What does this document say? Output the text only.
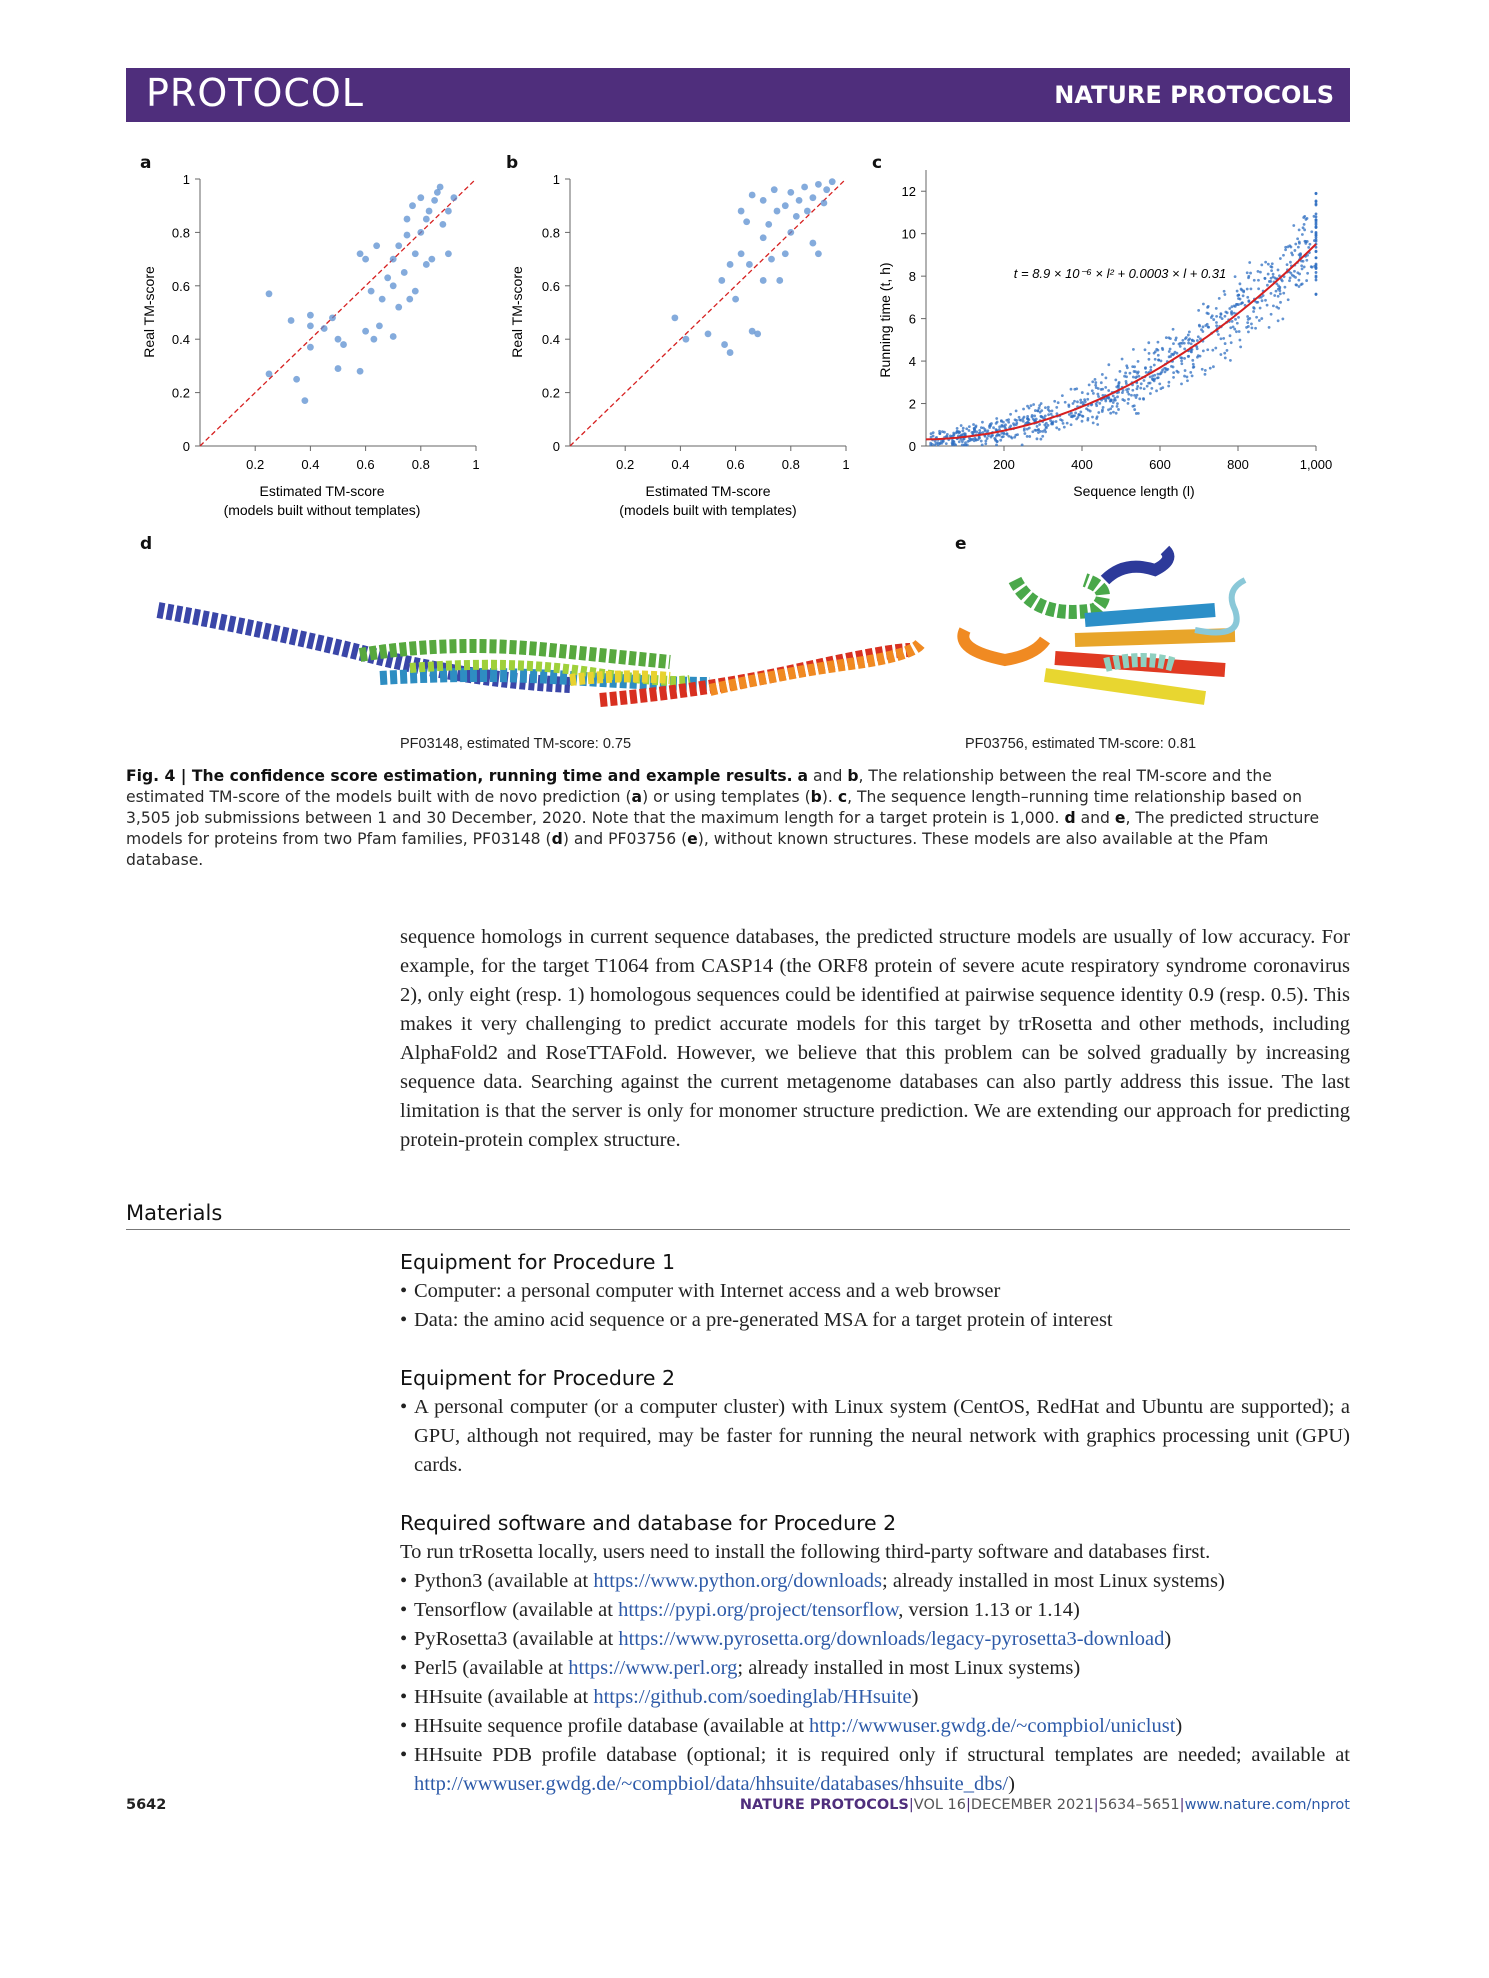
PROTOCOL	NATURE PROTOCOLS
a	b	c
d	e
0
0.2
0.4
0.6
0.8
1
0.2	0.4	0.6	0.8	1
Estimated TM-score
(models built without templates)
Real TM-score
0
0.2
0.4
0.6
0.8
1
0.2	0.4	0.6	0.8	1
Estimated TM-score
(models built with templates)
Real TM-score
0
2
4
6
8
10
12
200	400	600	800	1,000
t = 8.9 × 10⁻⁶ × l² + 0.0003 × l + 0.31
Sequence length (l)
Running time (t, h)
PF03148, estimated TM-score: 0.75	PF03756, estimated TM-score: 0.81
Fig. 4 | The confidence score estimation, running time and example results. a and b, The relationship between the real TM-score and the estimated TM-score of the models built with de novo prediction (a) or using templates (b). c, The sequence length–running time relationship based on 3,505 job submissions between 1 and 30 December, 2020. Note that the maximum length for a target protein is 1,000. d and e, The predicted structure models for proteins from two Pfam families, PF03148 (d) and PF03756 (e), without known structures. These models are also available at the Pfam database.
sequence homologs in current sequence databases, the predicted structure models are usually of low accuracy. For example, for the target T1064 from CASP14 (the ORF8 protein of severe acute respiratory syndrome coronavirus 2), only eight (resp. 1) homologous sequences could be identified at pairwise sequence identity 0.9 (resp. 0.5). This makes it very challenging to predict accurate models for this target by trRosetta and other methods, including AlphaFold2 and RoseTTAFold. However, we believe that this problem can be solved gradually by increasing sequence data. Searching against the current metagenome databases can also partly address this issue. The last limitation is that the server is only for monomer structure prediction. We are extending our approach for predicting protein-protein complex structure.
Materials
Equipment for Procedure 1
• Computer: a personal computer with Internet access and a web browser
• Data: the amino acid sequence or a pre-generated MSA for a target protein of interest
Equipment for Procedure 2
• A personal computer (or a computer cluster) with Linux system (CentOS, RedHat and Ubuntu are supported); a GPU, although not required, may be faster for running the neural network with graphics processing unit (GPU) cards.
Required software and database for Procedure 2
To run trRosetta locally, users need to install the following third-party software and databases first.
• Python3 (available at https://www.python.org/downloads; already installed in most Linux systems)
• Tensorflow (available at https://pypi.org/project/tensorflow, version 1.13 or 1.14)
• PyRosetta3 (available at https://www.pyrosetta.org/downloads/legacy-pyrosetta3-download)
• Perl5 (available at https://www.perl.org; already installed in most Linux systems)
• HHsuite (available at https://github.com/soedinglab/HHsuite)
• HHsuite sequence profile database (available at http://wwwuser.gwdg.de/~compbiol/uniclust)
• HHsuite PDB profile database (optional; it is required only if structural templates are needed; available at http://wwwuser.gwdg.de/~compbiol/data/hhsuite/databases/hhsuite_dbs/)
5642	NATURE PROTOCOLS|VOL 16|DECEMBER 2021|5634–5651|www.nature.com/nprot
